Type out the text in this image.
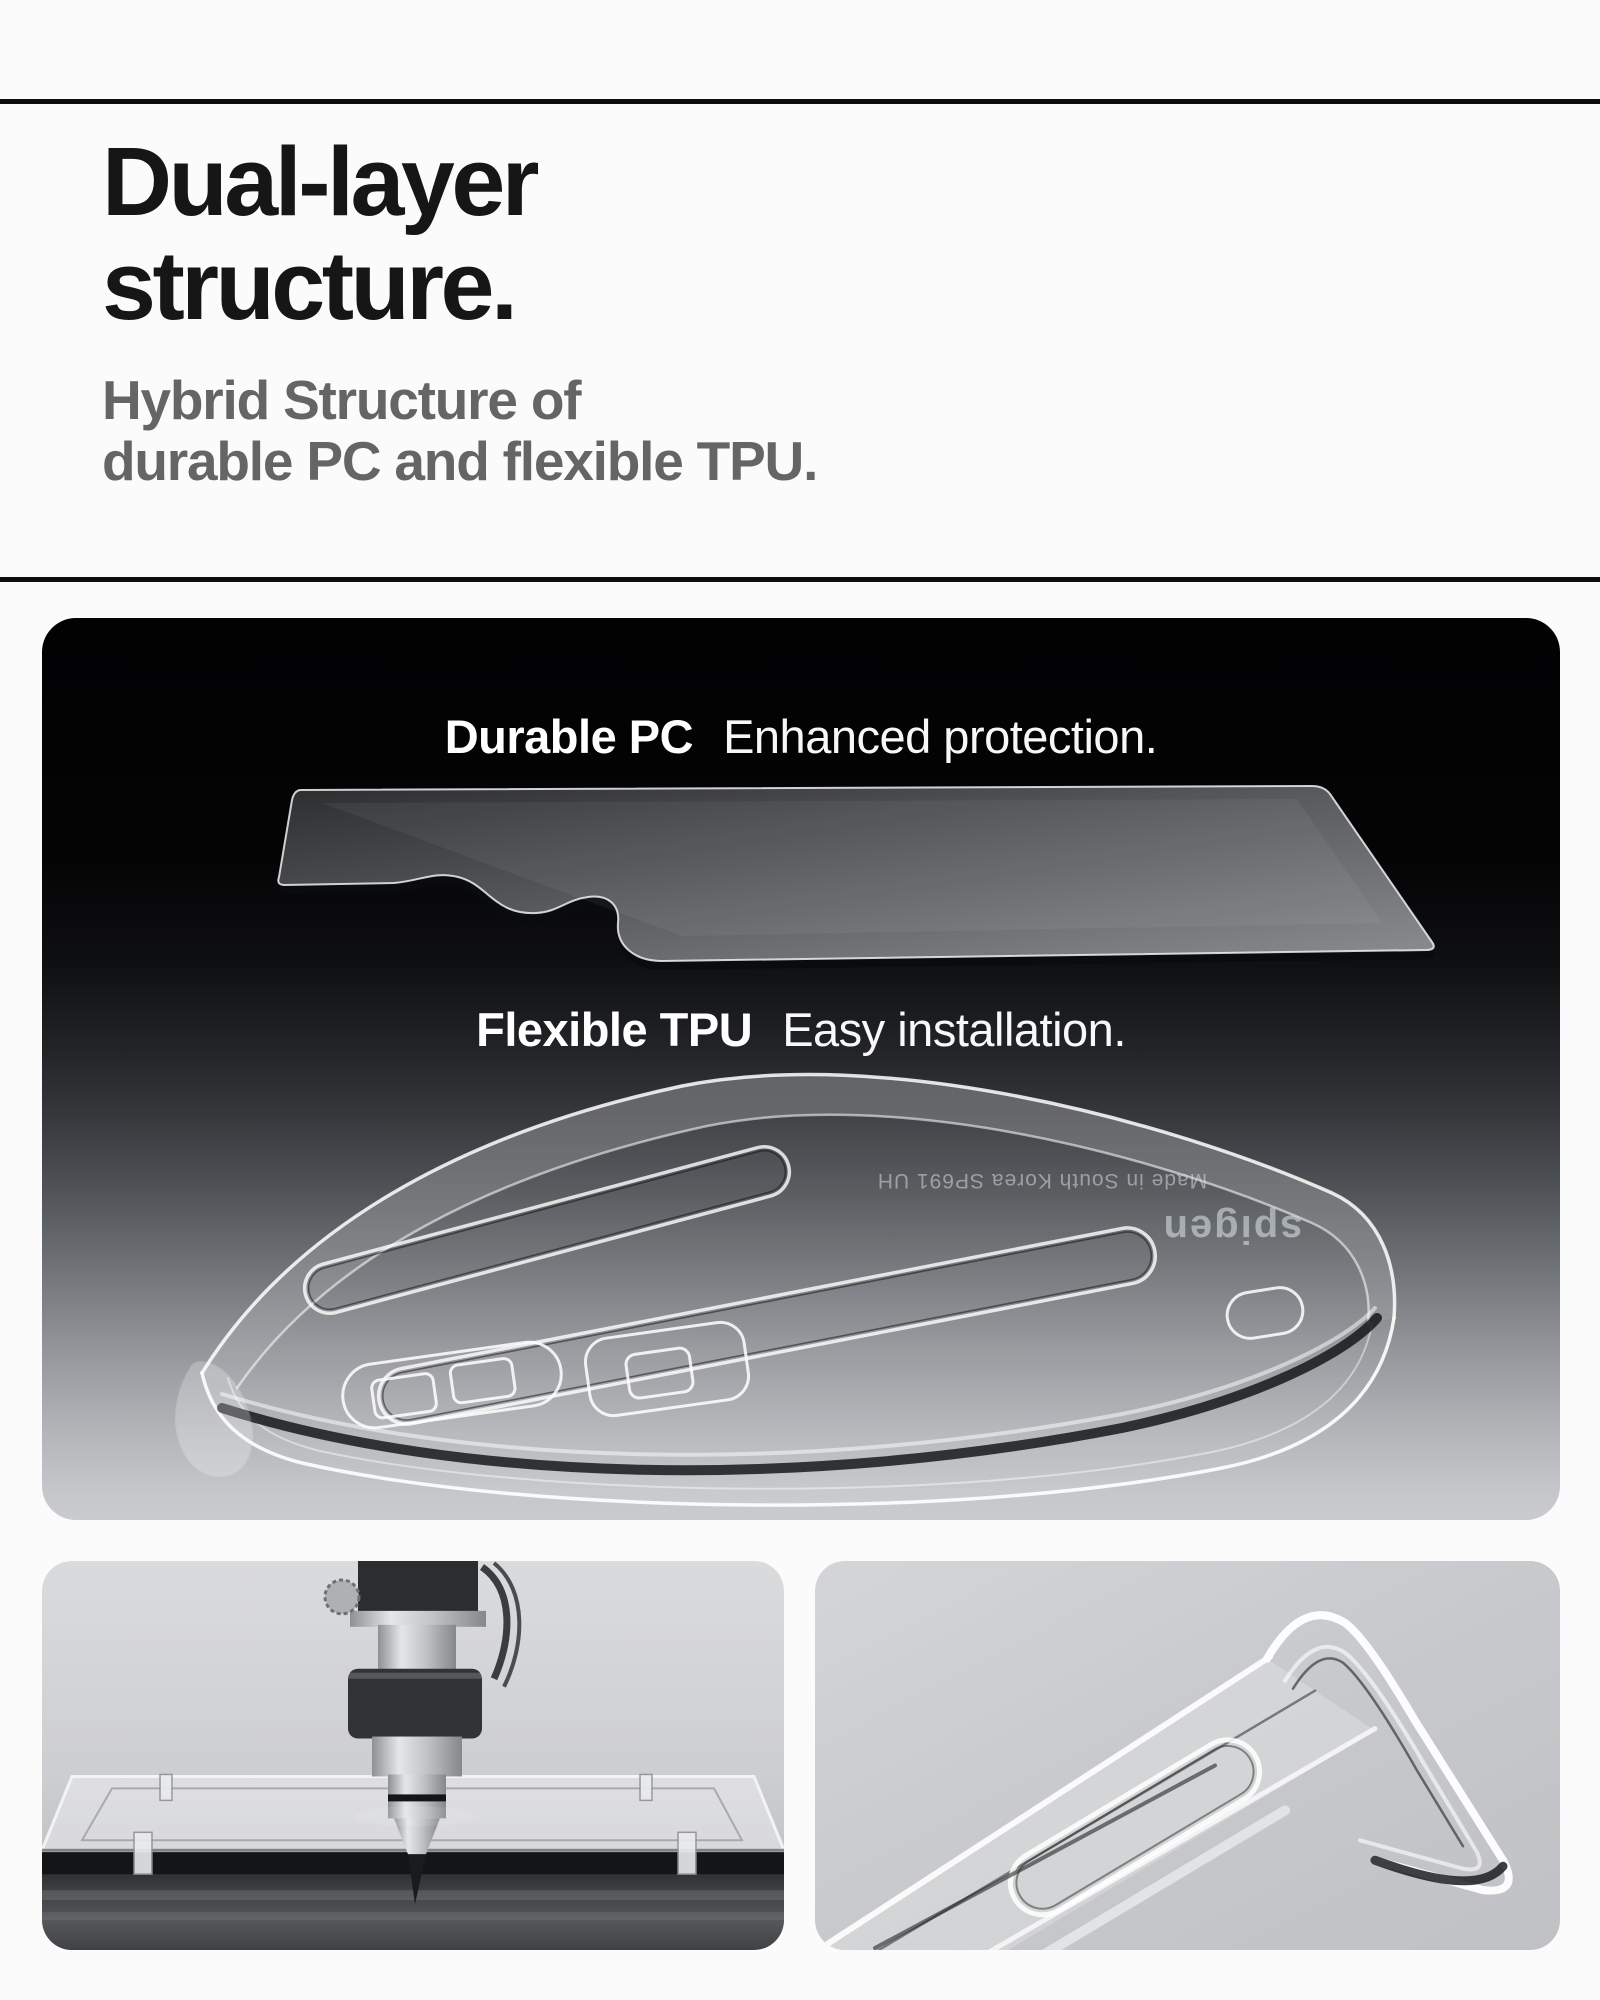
Dual-layer
structure.
Hybrid Structure of
durable PC and flexible TPU.
Made in South Korea SP691 UH
spigen
Durable PC Enhanced protection.
Flexible TPU Easy installation.
